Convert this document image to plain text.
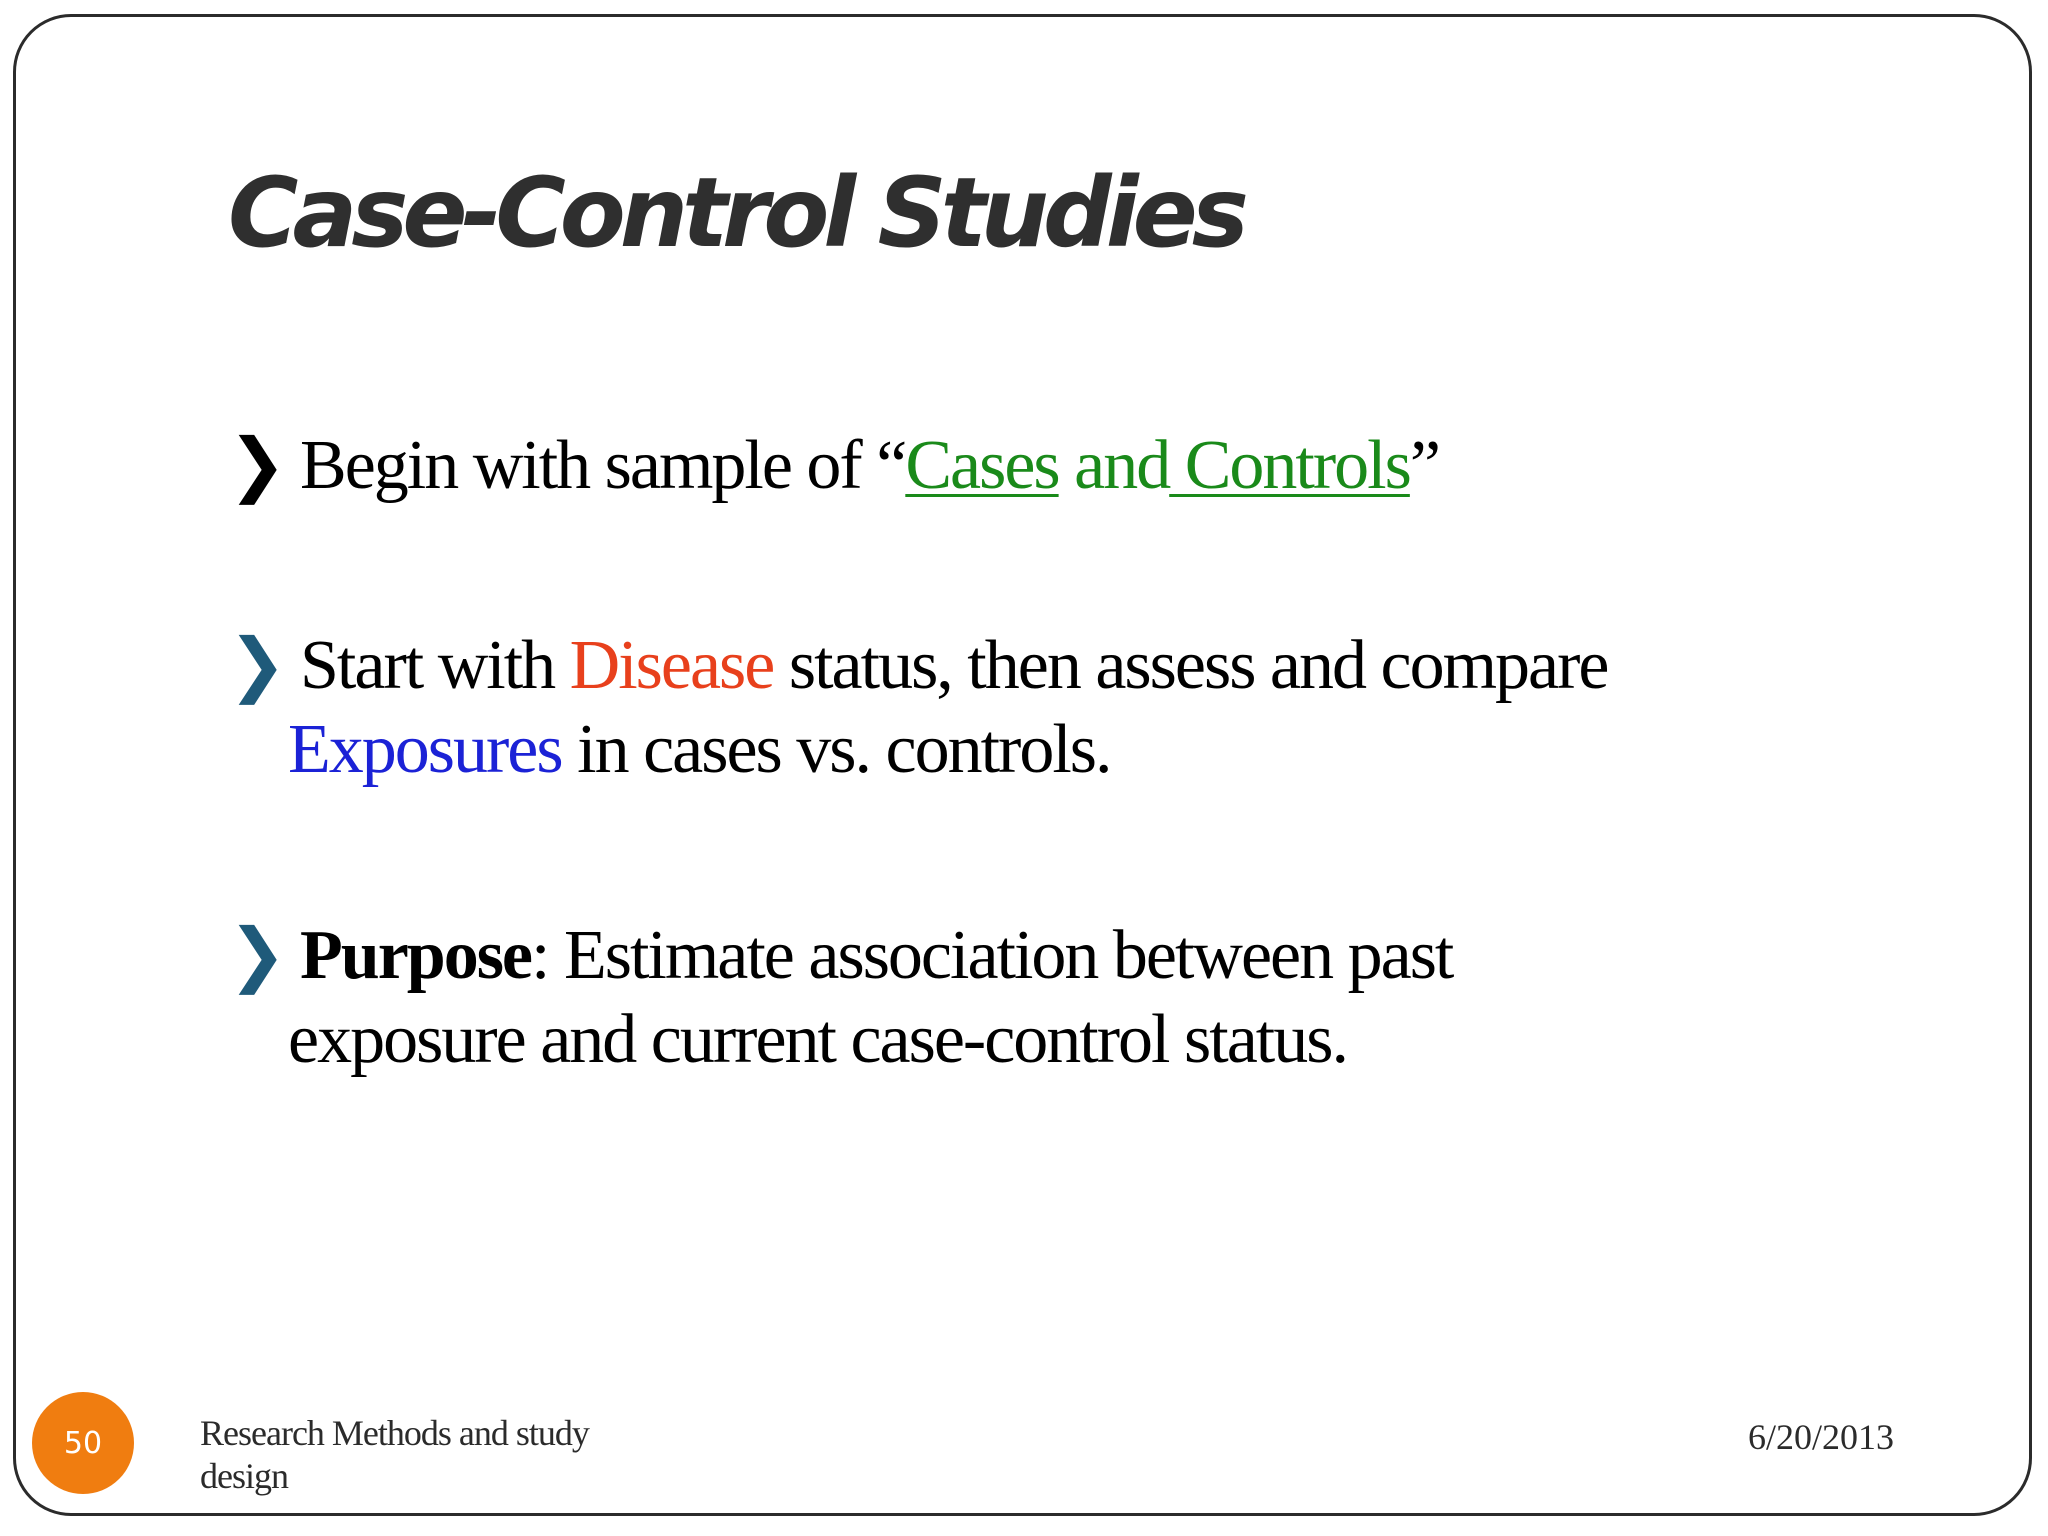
Case-Control Studies
❯ Begin with sample of “Cases and Controls”
❯ Start with Disease status, then assess and compare
Exposures in cases vs. controls.
❯ Purpose: Estimate association between past
exposure and current case-control status.
50	Research Methods and study design
6/20/2013
